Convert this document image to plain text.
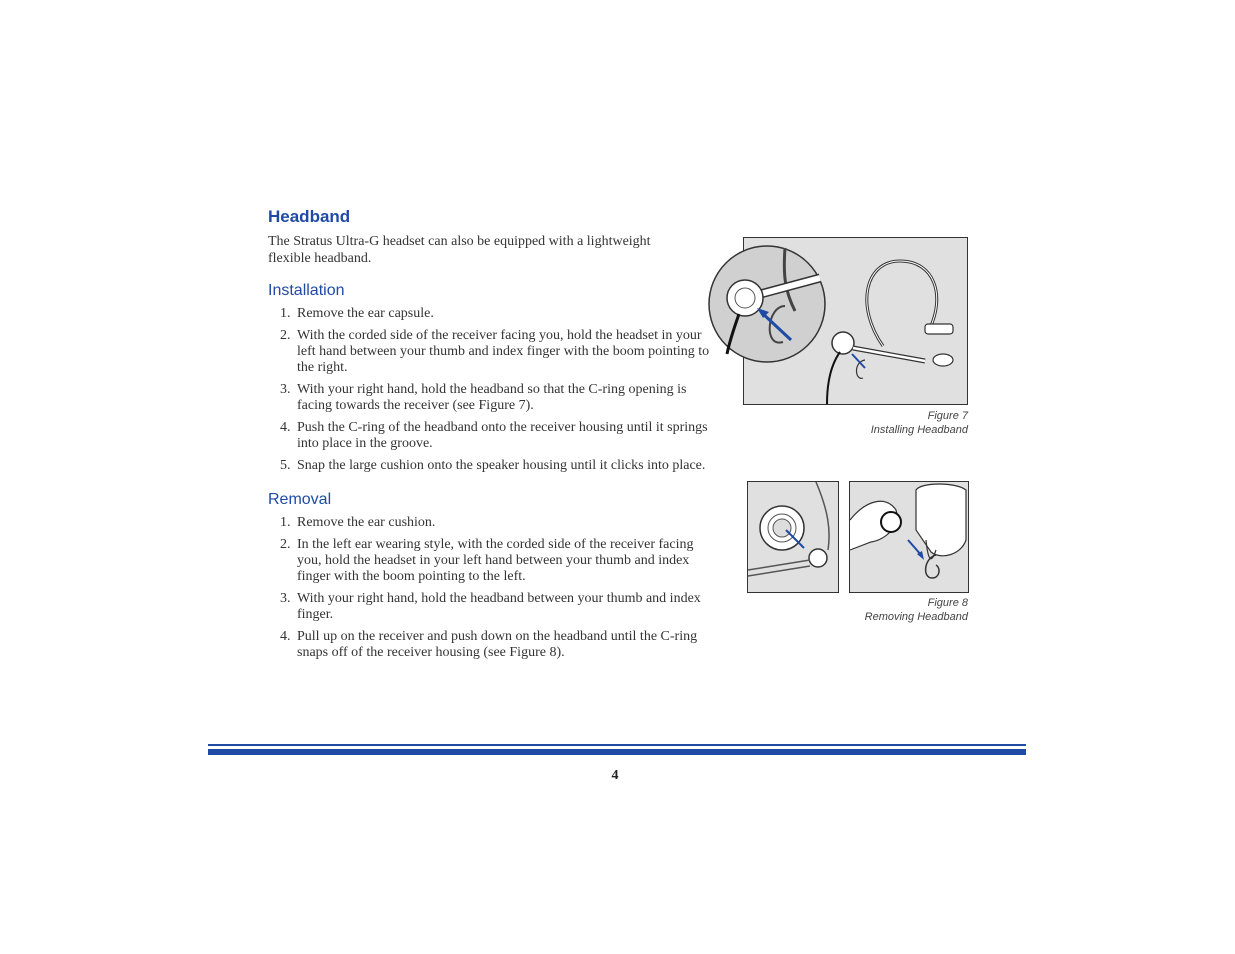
Headband

The Stratus Ultra-G headset can also be equipped with a lightweight flexible headband.

Installation
1. Remove the ear capsule.
2. With the corded side of the receiver facing you, hold the headset in your left hand between your thumb and index finger with the boom pointing to the right.
3. With your right hand, hold the headband so that the C-ring opening is facing towards the receiver (see Figure 7).
4. Push the C-ring of the headband onto the receiver housing until it springs into place in the groove.
5. Snap the large cushion onto the speaker housing until it clicks into place.
Removal
1. Remove the ear cushion.
2. In the left ear wearing style, with the corded side of the receiver facing you, hold the headset in your left hand between your thumb and index finger with the boom pointing to the left.
3. With your right hand, hold the headband between your thumb and index finger.
4. Pull up on the receiver and push down on the headband until the C-ring snaps off of the receiver housing (see Figure 8).
Figure 7
Installing Headband
Figure 8
Removing Headband
4
